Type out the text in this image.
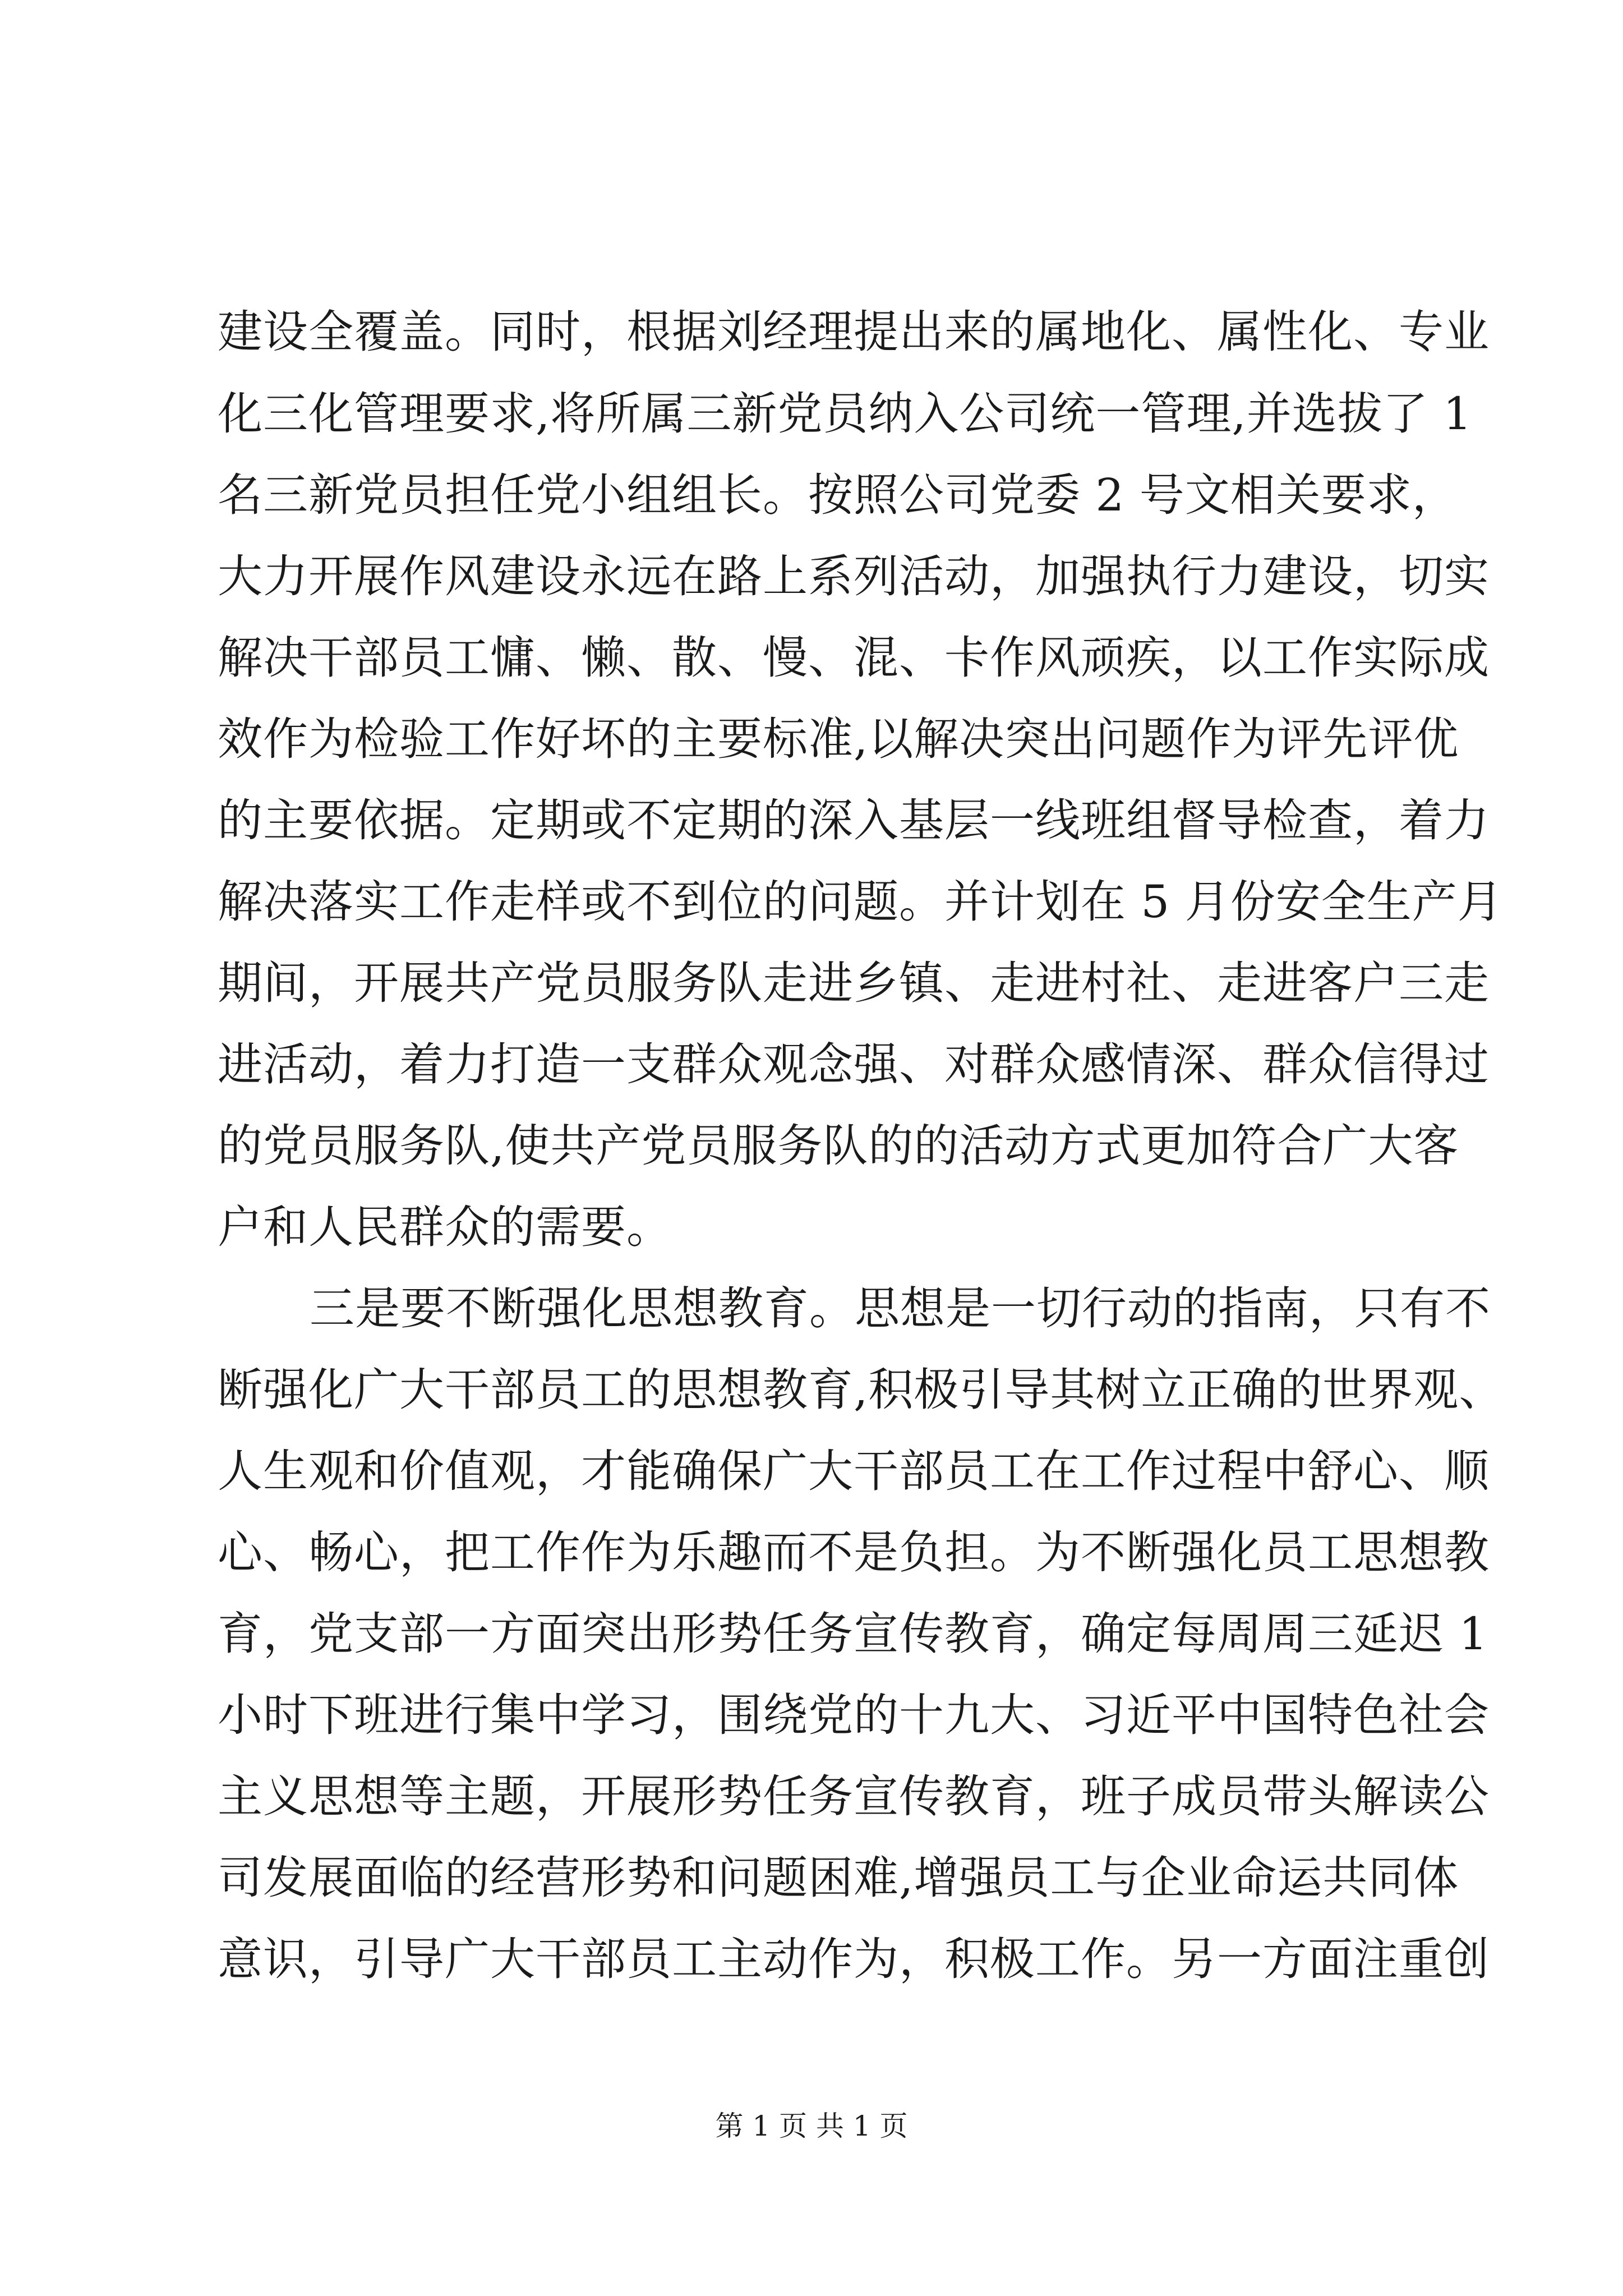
建设全覆盖。同时，根据刘经理提出来的属地化、属性化、专业
化三化管理要求,将所属三新党员纳入公司统一管理,并选拔了 1
名三新党员担任党小组组长。按照公司党委 2 号文相关要求，
大力开展作风建设永远在路上系列活动，加强执行力建设，切实
解决干部员工慵、懒、散、慢、混、卡作风顽疾，以工作实际成
效作为检验工作好坏的主要标准,以解决突出问题作为评先评优
的主要依据。定期或不定期的深入基层一线班组督导检查，着力
解决落实工作走样或不到位的问题。并计划在 5 月份安全生产月
期间，开展共产党员服务队走进乡镇、走进村社、走进客户三走
进活动，着力打造一支群众观念强、对群众感情深、群众信得过
的党员服务队,使共产党员服务队的的活动方式更加符合广大客
户和人民群众的需要。
三是要不断强化思想教育。思想是一切行动的指南，只有不
断强化广大干部员工的思想教育,积极引导其树立正确的世界观、
人生观和价值观，才能确保广大干部员工在工作过程中舒心、顺
心、畅心，把工作作为乐趣而不是负担。为不断强化员工思想教
育，党支部一方面突出形势任务宣传教育，确定每周周三延迟 1
小时下班进行集中学习，围绕党的十九大、习近平中国特色社会
主义思想等主题，开展形势任务宣传教育，班子成员带头解读公
司发展面临的经营形势和问题困难,增强员工与企业命运共同体
意识，引导广大干部员工主动作为，积极工作。另一方面注重创
第 1 页 共 1 页
